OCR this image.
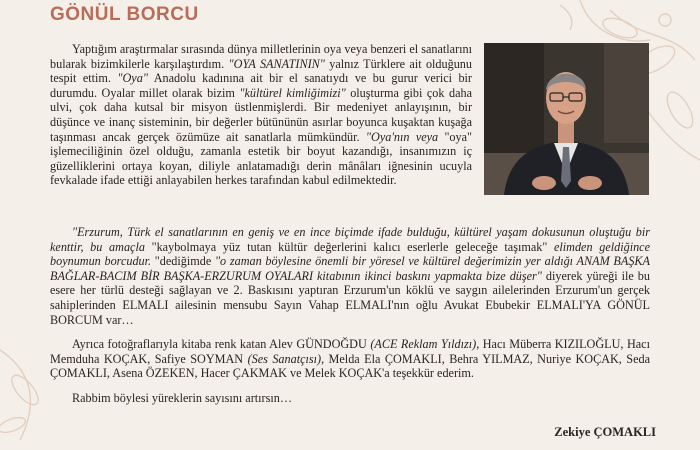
GÖNÜL BORCU

Yaptığım araştırmalar sırasında dünya milletlerinin oya veya benzeri el sanatlarını bularak bizimkilerle karşılaştırdım. "OYA SANATININ" yalnız Türklere ait olduğunu tespit ettim. "Oya" Anadolu kadınına ait bir el sanatıydı ve bu gurur verici bir durumdu. Oyalar millet olarak bizim "kültürel kimliğimizi" oluşturma gibi çok daha ulvi, çok daha kutsal bir misyon üstlenmişlerdi. Bir medeniyet anlayışının, bir düşünce ve inanç sisteminin, bir değerler bütününün asırlar boyunca kuşaktan kuşağa taşınması ancak gerçek özümüze ait sanatlarla mümkündür. "Oya'nın veya "oya" işlemeciliğinin özel olduğu, zamanla estetik bir boyut kazandığı, insanımızın iç güzelliklerini ortaya koyan, diliyle anlatamadığı derin mânâları iğnesinin ucuyla fevkalade ifade ettiği anlayabilen herkes tarafından kabul edilmektedir.

"Erzurum, Türk el sanatlarının en geniş ve en ince biçimde ifade bulduğu, kültürel yaşam dokusunun oluştuğu bir kenttir, bu amaçla "kaybolmaya yüz tutan kültür değerlerini kalıcı eserlerle geleceğe taşımak" elimden geldiğince boynumun borcudur. "dediğimde "o zaman böylesine önemli bir yöresel ve kültürel değerimizin yer aldığı ANAM BAŞKA BAĞLAR-BACIM BİR BAŞKA-ERZURUM OYALARI kitabının ikinci baskını yapmakta bize düşer" diyerek yüreği ile bu esere her türlü desteği sağlayan ve 2. Baskısını yaptıran Erzurum'un köklü ve saygın ailelerinden Erzurum'un gerçek sahiplerinden ELMALI ailesinin mensubu Sayın Vahap ELMALI'nın oğlu Avukat Ebubekir ELMALI'YA GÖNÜL BORCUM var…

Ayrıca fotoğraflarıyla kitaba renk katan Alev GÜNDOĞDU (ACE Reklam Yıldızı), Hacı Müberra KIZILOĞLU, Hacı Memduha KOÇAK, Safiye SOYMAN (Ses Sanatçısı), Melda Ela ÇOMAKLI, Behra YILMAZ, Nuriye KOÇAK, Seda ÇOMAKLI, Asena ÖZEKEN, Hacer ÇAKMAK ve Melek KOÇAK'a teşekkür ederim.

Rabbim böylesi yüreklerin sayısını artırsın…

Zekiye ÇOMAKLI
